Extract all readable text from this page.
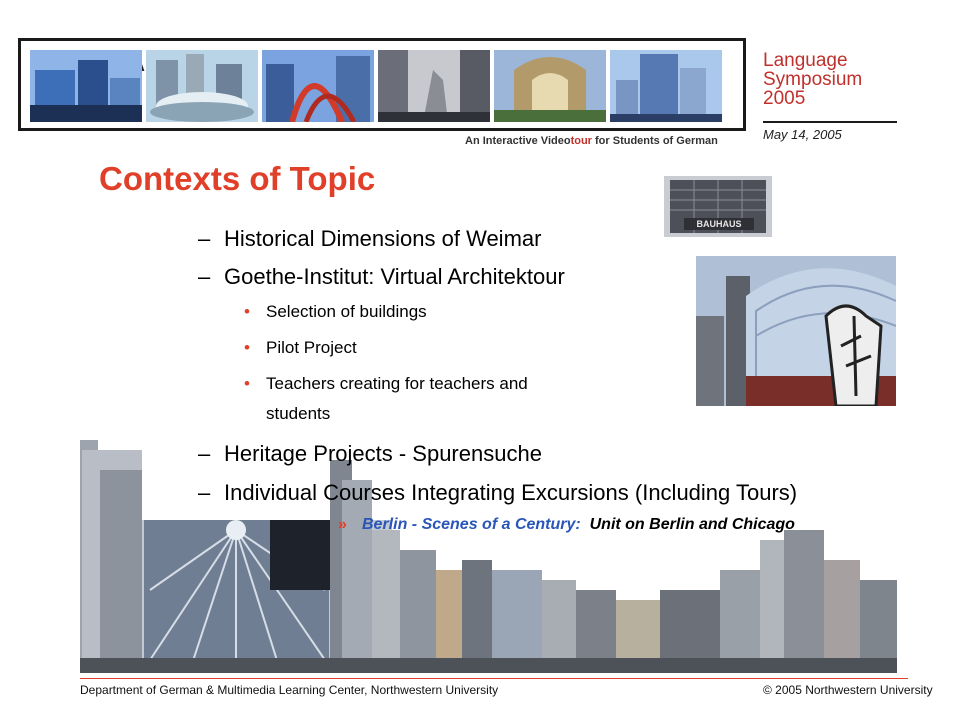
An Interactive Videotour for Students of German
Language
Symposium
2005
May 14, 2005
Contexts of Topic
BAUHAUS
– Historical Dimensions of Weimar
– Goethe-Institut: Virtual Architektour
• Selection of buildings
• Pilot Project
• Teachers creating for teachers and
students
– Heritage Projects - Spurensuche
– Individual Courses Integrating Excursions (Including Tours)
» Berlin - Scenes of a Century: Unit on Berlin and Chicago
Department of German & Multimedia Learning Center, Northwestern University	© 2005 Northwestern University
